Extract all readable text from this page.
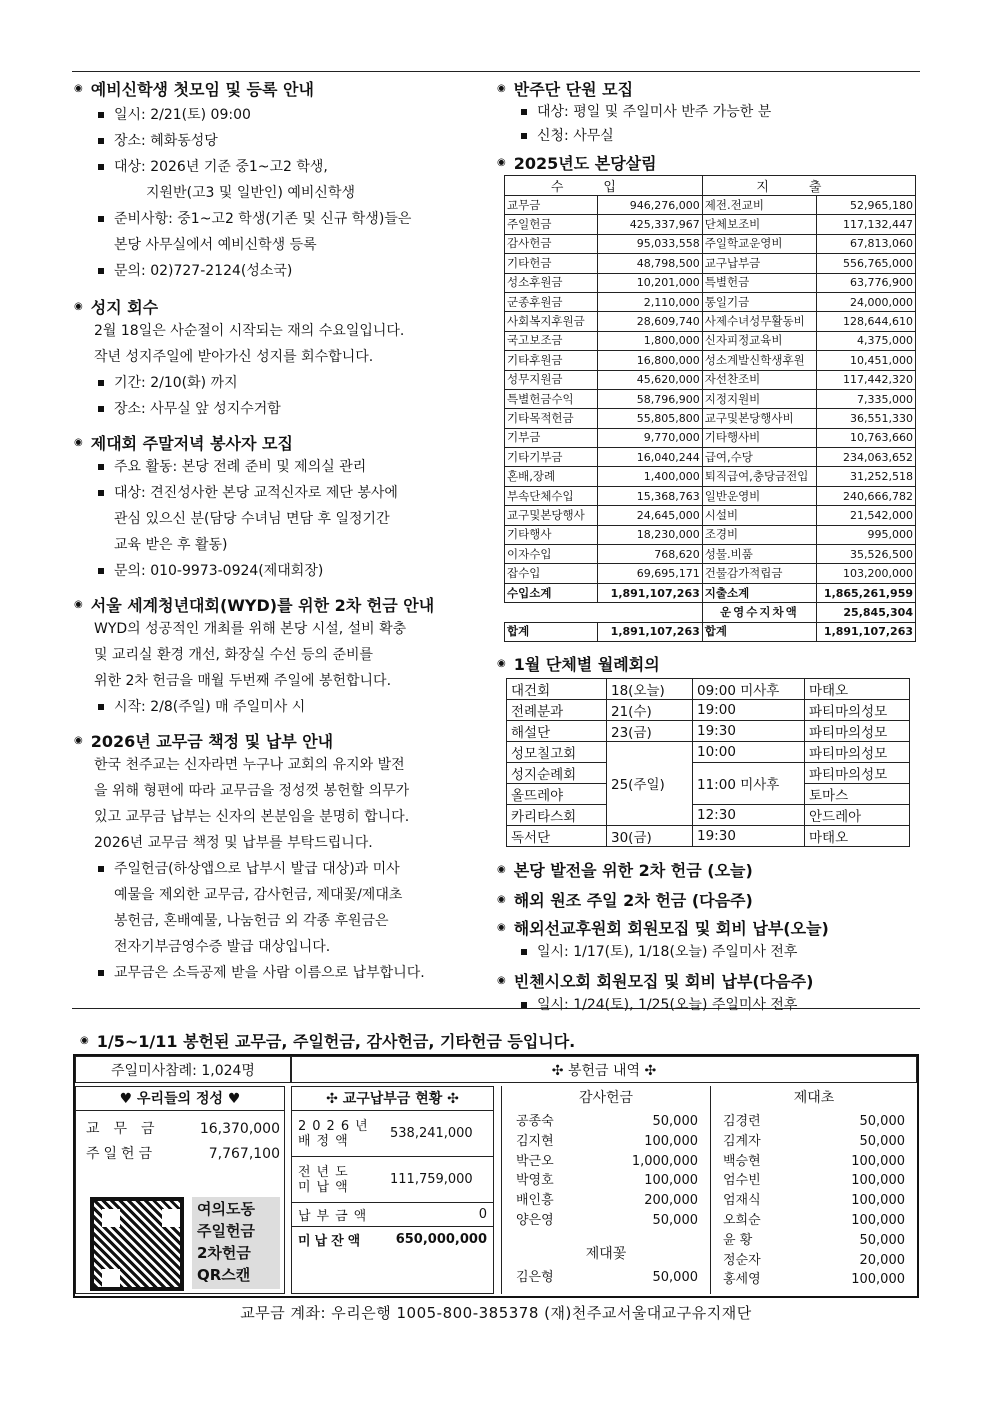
◉ 예비신학생 첫모임 및 등록 안내
일시: 2/21(토) 09:00
장소: 혜화동성당
대상: 2026년 기준 중1~고2 학생,
지원반(고3 및 일반인) 예비신학생
준비사항: 중1~고2 학생(기존 및 신규 학생)들은
본당 사무실에서 예비신학생 등록
문의: 02)727-2124(성소국)
◉ 성지 회수
2월 18일은 사순절이 시작되는 재의 수요일입니다.
작년 성지주일에 받아가신 성지를 회수합니다.
기간: 2/10(화) 까지
장소: 사무실 앞 성지수거함
◉ 제대회 주말저녁 봉사자 모집
주요 활동: 본당 전례 준비 및 제의실 관리
대상: 견진성사한 본당 교적신자로 제단 봉사에
관심 있으신 분(담당 수녀님 면담 후 일정기간
교육 받은 후 활동)
문의: 010-9973-0924(제대회장)
◉ 서울 세계청년대회(WYD)를 위한 2차 헌금 안내
WYD의 성공적인 개최를 위해 본당 시설, 설비 확충
및 교리실 환경 개선, 화장실 수선 등의 준비를
위한 2차 헌금을 매월 두번째 주일에 봉헌합니다.
시작: 2/8(주일) 매 주일미사 시
◉ 2026년 교무금 책정 및 납부 안내
한국 천주교는 신자라면 누구나 교회의 유지와 발전
을 위해 형편에 따라 교무금을 정성껏 봉헌할 의무가
있고 교무금 납부는 신자의 본분임을 분명히 합니다.
2026년 교무금 책정 및 납부를 부탁드립니다.
주일헌금(하상앱으로 납부시 발급 대상)과 미사
예물을 제외한 교무금, 감사헌금, 제대꽃/제대초
봉헌금, 혼배예물, 나눔헌금 외 각종 후원금은
전자기부금영수증 발급 대상입니다.
교무금은 소득공제 받을 사람 이름으로 납부합니다.
◉ 반주단 단원 모집
대상: 평일 및 주일미사 반주 가능한 분
신청: 사무실
◉ 2025년도 본당살림
수입		지출	
교무금	946,276,000	제전.전교비	52,965,180
주일헌금	425,337,967	단체보조비	117,132,447
감사헌금	95,033,558	주일학교운영비	67,813,060
기타헌금	48,798,500	교구납부금	556,765,000
성소후원금	10,201,000	특별헌금	63,776,900
군종후원금	2,110,000	통일기금	24,000,000
사회복지후원금	28,609,740	사제수녀성무활동비	128,644,610
국고보조금	1,800,000	신자피정교육비	4,375,000
기타후원금	16,800,000	성소계발신학생후원	10,451,000
성무지원금	45,620,000	자선찬조비	117,442,320
특별헌금수익	58,796,900	지정지원비	7,335,000
기타목적헌금	55,805,800	교구및본당행사비	36,551,330
기부금	9,770,000	기타행사비	10,763,660
기타기부금	16,040,244	급여,수당	234,063,652
혼배,장례	1,400,000	퇴직급여,충당금전입	31,252,518
부속단체수입	15,368,763	일반운영비	240,666,782
교구및본당행사	24,645,000	시설비	21,542,000
기타행사	18,230,000	조경비	995,000
이자수입	768,620	성물.비품	35,526,500
잡수입	69,695,171	건물감가적립금	103,200,000
수입소계	1,891,107,263	지출소계	1,865,261,959
		운영수지차액	25,845,304
합계	1,891,107,263	합계	1,891,107,263
◉ 1월 단체별 월례회의
대건회	18(오늘)	09:00 미사후	마태오
전례분과	21(수)	19:00	파티마의성모
해설단	23(금)	19:30	파티마의성모
성모칠고회	25(주일)	10:00	파티마의성모
성지순례회		11:00 미사후	파티마의성모
올뜨레야			토마스
카리타스회		12:30	안드레아
독서단	30(금)	19:30	마태오
◉ 본당 발전을 위한 2차 헌금 (오늘)
◉ 해외 원조 주일 2차 헌금 (다음주)
◉ 해외선교후원회 회원모집 및 회비 납부(오늘)
일시: 1/17(토), 1/18(오늘) 주일미사 전후
◉ 빈첸시오회 회원모집 및 회비 납부(다음주)
일시: 1/24(토), 1/25(오늘) 주일미사 전후
◉ 1/5~1/11 봉헌된 교무금, 주일헌금, 감사헌금, 기타헌금 등입니다.
주일미사참례: 1,024명	✣ 봉헌금 내역 ✣
♥ 우리들의 정성 ♥
교무금 16,370,000
주일헌금	7,767,100
여의도동
주일헌금
2차헌금
QR스캔
✣ 교구납부금 현황 ✣
2026년
배정액	538,241,000
전년도
미납액	111,759,000
납부금액	0
미납잔액 650,000,000
감사헌금
공종숙	50,000
김지현	100,000
박근오	1,000,000
박영호	100,000
배인흥	200,000
양은영	50,000
제대꽃
김은형	50,000
제대초
김경련	50,000
김계자	50,000
백승현	100,000
엄수빈	100,000
엄재식	100,000
오희순	100,000
윤 황	50,000
정순자	20,000
홍세영	100,000
교무금 계좌: 우리은행 1005-800-385378 (재)천주교서울대교구유지재단
